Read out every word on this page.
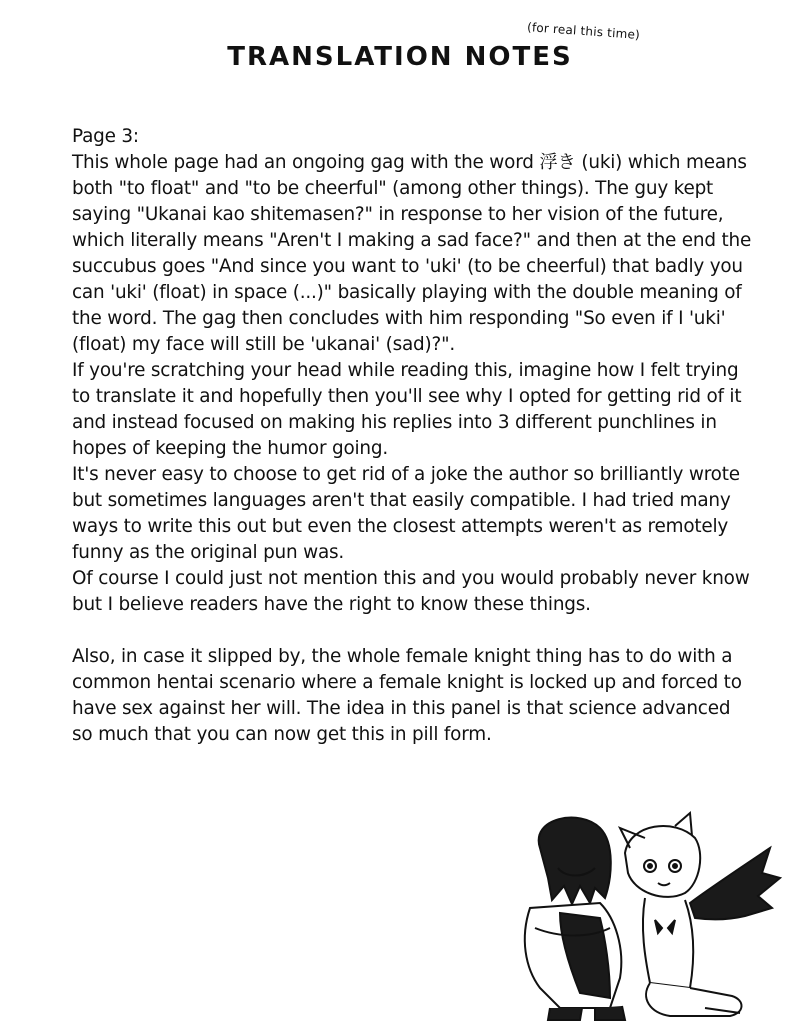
(for real this time)
TRANSLATION NOTES

Page 3:

This whole page had an ongoing gag with the word 浮き (uki) which means both "to float" and "to be cheerful" (among other things). The guy kept saying "Ukanai kao shitemasen?" in response to her vision of the future, which literally means "Aren't I making a sad face?" and then at the end the succubus goes "And since you want to 'uki' (to be cheerful) that badly you can 'uki' (float) in space (...)" basically playing with the double meaning of the word. The gag then concludes with him responding "So even if I 'uki' (float) my face will still be 'ukanai' (sad)?".

If you're scratching your head while reading this, imagine how I felt trying to translate it and hopefully then you'll see why I opted for getting rid of it and instead focused on making his replies into 3 different punchlines in hopes of keeping the humor going.

It's never easy to choose to get rid of a joke the author so brilliantly wrote but sometimes languages aren't that easily compatible. I had tried many ways to write this out but even the closest attempts weren't as remotely funny as the original pun was.

Of course I could just not mention this and you would probably never know but I believe readers have the right to know these things.

Also, in case it slipped by, the whole female knight thing has to do with a common hentai scenario where a female knight is locked up and forced to have sex against her will. The idea in this panel is that science advanced so much that you can now get this in pill form.
